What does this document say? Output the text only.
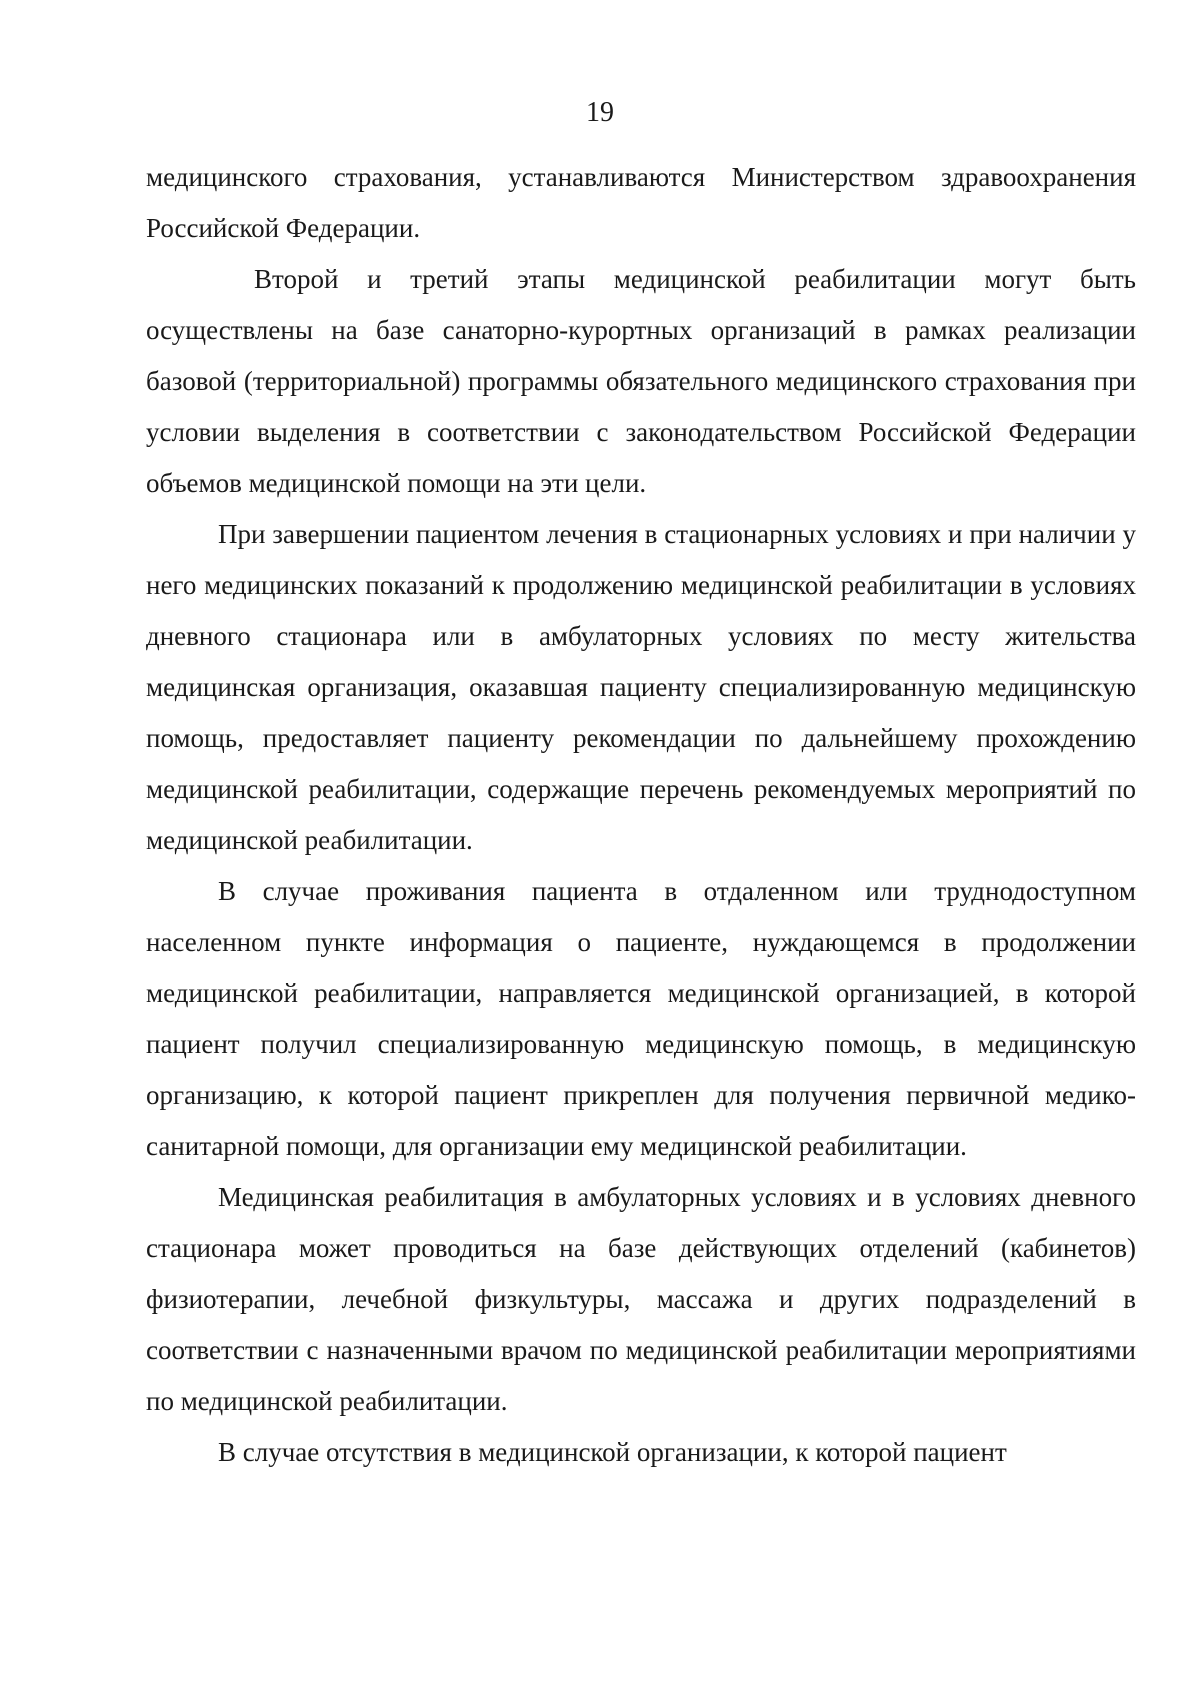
19

медицинского страхования, устанавливаются Министерством здравоохранения Российской Федерации.

Второй и третий этапы медицинской реабилитации могут быть осуществлены на базе санаторно-курортных организаций в рамках реализации базовой (территориальной) программы обязательного медицинского страхования при условии выделения в соответствии с законодательством Российской Федерации объемов медицинской помощи на эти цели.

При завершении пациентом лечения в стационарных условиях и при наличии у него медицинских показаний к продолжению медицинской реабилитации в условиях дневного стационара или в амбулаторных условиях по месту жительства медицинская организация, оказавшая пациенту специализированную медицинскую помощь, предоставляет пациенту рекомендации по дальнейшему прохождению медицинской реабилитации, содержащие перечень рекомендуемых мероприятий по медицинской реабилитации.

В случае проживания пациента в отдаленном или труднодоступном населенном пункте информация о пациенте, нуждающемся в продолжении медицинской реабилитации, направляется медицинской организацией, в которой пациент получил специализированную медицинскую помощь, в медицинскую организацию, к которой пациент прикреплен для получения первичной медико-санитарной помощи, для организации ему медицинской реабилитации.

Медицинская реабилитация в амбулаторных условиях и в условиях дневного стационара может проводиться на базе действующих отделений (кабинетов) физиотерапии, лечебной физкультуры, массажа и других подразделений в соответствии с назначенными врачом по медицинской реабилитации мероприятиями по медицинской реабилитации.

В случае отсутствия в медицинской организации, к которой пациент
